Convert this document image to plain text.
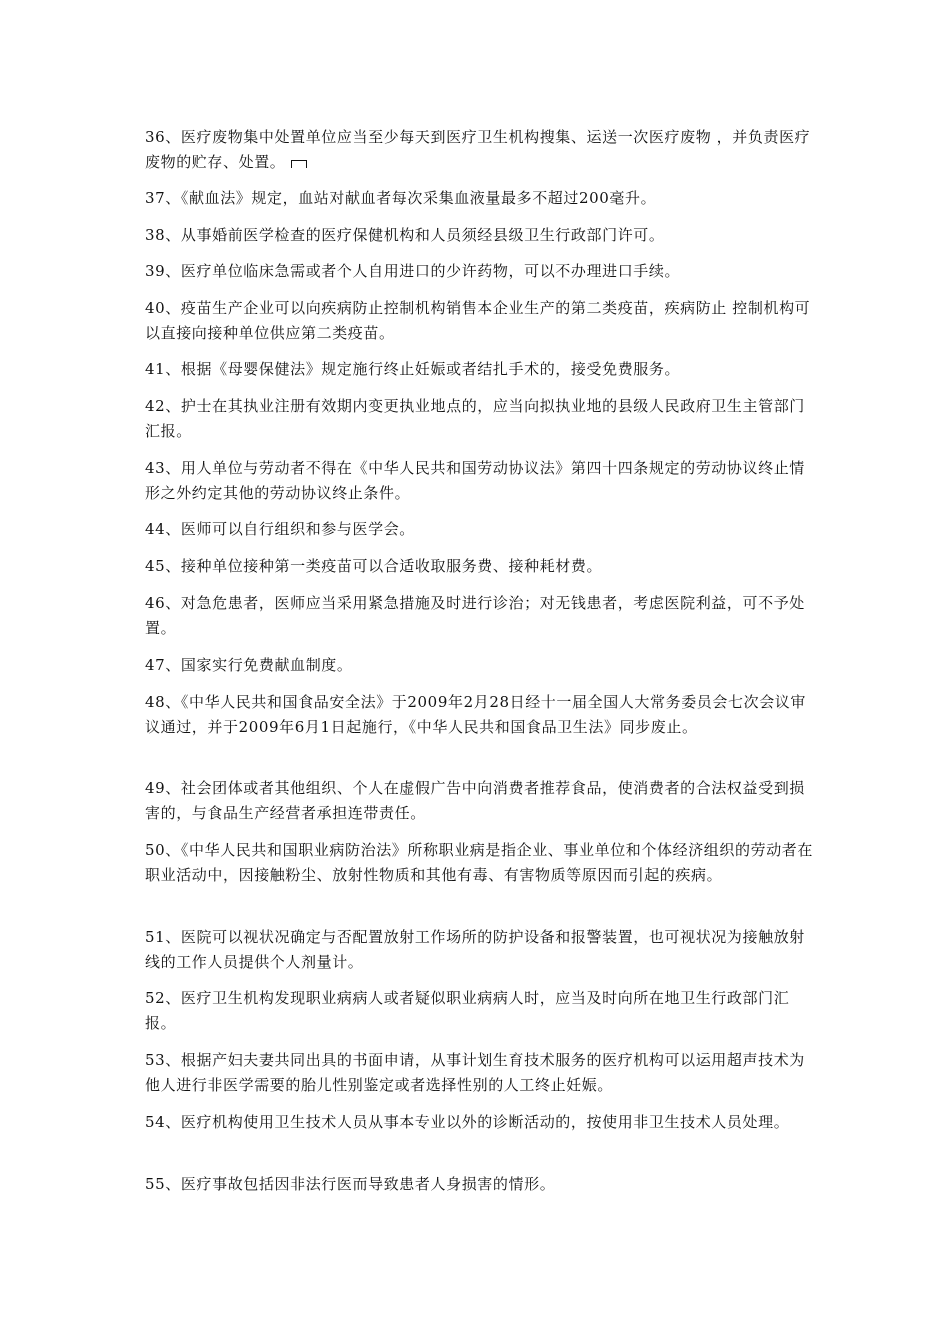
36、医疗废物集中处置单位应当至少每天到医疗卫生机构搜集、运送一次医疗废物 ，并负责医疗废物的贮存、处置。

37、《献血法》规定，血站对献血者每次采集血液量最多不超过200毫升。

38、从事婚前医学检查的医疗保健机构和人员须经县级卫生行政部门许可。

39、医疗单位临床急需或者个人自用进口的少许药物，可以不办理进口手续。

40、疫苗生产企业可以向疾病防止控制机构销售本企业生产的第二类疫苗，疾病防止 控制机构可以直接向接种单位供应第二类疫苗。

41、根据《母婴保健法》规定施行终止妊娠或者结扎手术的，接受免费服务。

42、护士在其执业注册有效期内变更执业地点的，应当向拟执业地的县级人民政府卫生主管部门汇报。

43、用人单位与劳动者不得在《中华人民共和国劳动协议法》第四十四条规定的劳动协议终止情形之外约定其他的劳动协议终止条件。

44、医师可以自行组织和参与医学会。

45、接种单位接种第一类疫苗可以合适收取服务费、接种耗材费。

46、对急危患者，医师应当采用紧急措施及时进行诊治；对无钱患者，考虑医院利益，可不予处置。

47、国家实行免费献血制度。

48、《中华人民共和国食品安全法》于2009年2月28日经十一届全国人大常务委员会七次会议审议通过，并于2009年6月1日起施行，《中华人民共和国食品卫生法》同步废止。

49、社会团体或者其他组织、个人在虚假广告中向消费者推荐食品，使消费者的合法权益受到损害的，与食品生产经营者承担连带责任。

50、《中华人民共和国职业病防治法》所称职业病是指企业、事业单位和个体经济组织的劳动者在职业活动中，因接触粉尘、放射性物质和其他有毒、有害物质等原因而引起的疾病。

51、医院可以视状况确定与否配置放射工作场所的防护设备和报警装置，也可视状况为接触放射线的工作人员提供个人剂量计。

52、医疗卫生机构发现职业病病人或者疑似职业病病人时，应当及时向所在地卫生行政部门汇报。

53、根据产妇夫妻共同出具的书面申请，从事计划生育技术服务的医疗机构可以运用超声技术为他人进行非医学需要的胎儿性别鉴定或者选择性别的人工终止妊娠。

54、医疗机构使用卫生技术人员从事本专业以外的诊断活动的，按使用非卫生技术人员处理。

55、医疗事故包括因非法行医而导致患者人身损害的情形。
